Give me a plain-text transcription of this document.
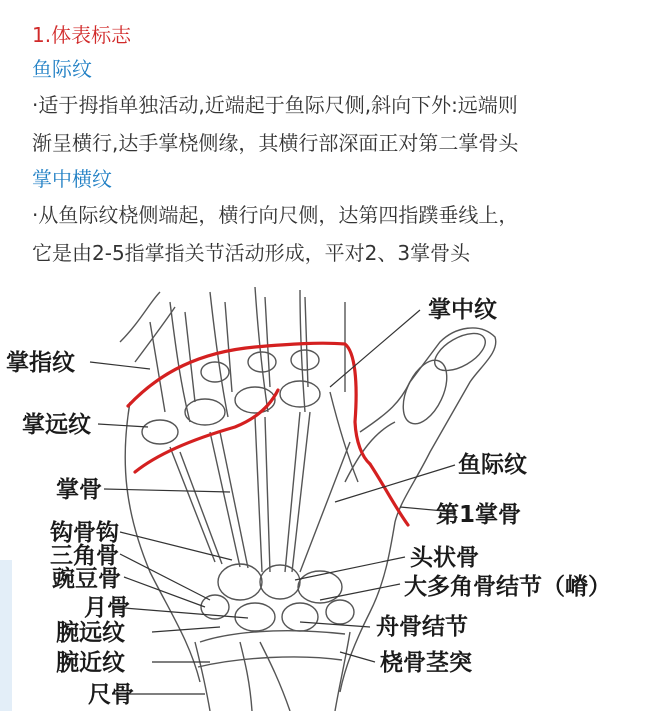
1.体表标志
鱼际纹

·适于拇指单独活动,近端起于鱼际尺侧,斜向下外:远端则

渐呈横行,达手掌桡侧缘，其横行部深面正对第二掌骨头

掌中横纹

·从鱼际纹桡侧端起，横行向尺侧，达第四指蹼垂线上，

它是由2-5指掌指关节活动形成，平对2、3掌骨头

掌指纹
掌远纹
掌骨
钩骨钩
三角骨
豌豆骨
月骨
腕远纹
腕近纹
尺骨
掌中纹
鱼际纹
第1掌骨
头状骨
大多角骨结节（嵴）
舟骨结节
桡骨茎突
